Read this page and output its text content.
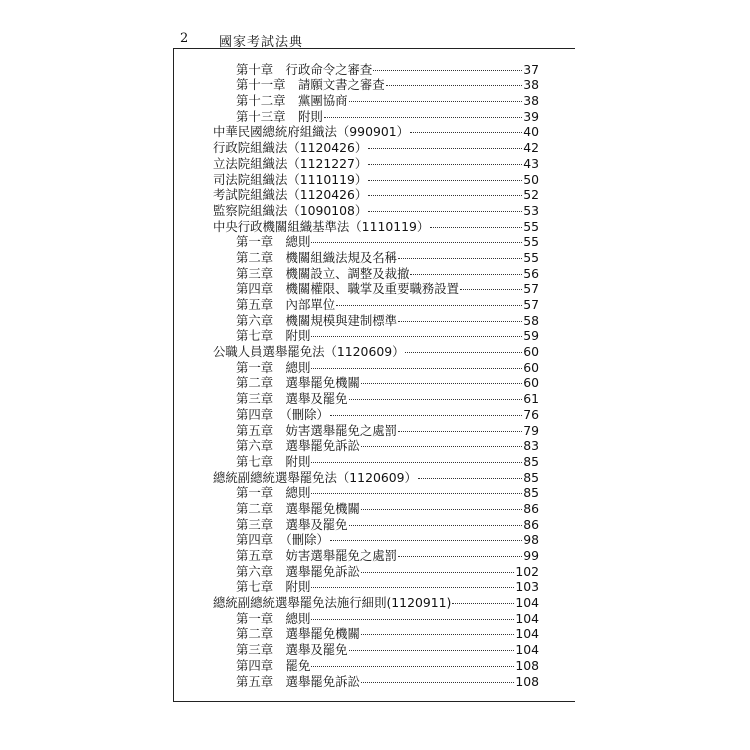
2 國家考試法典
第十章　行政命令之審查	37
第十一章　請願文書之審查	38
第十二章　黨團協商	38
第十三章　附則	39
中華民國總統府組織法（990901）	40
行政院組織法（1120426）	42
立法院組織法（1121227）	43
司法院組織法（1110119）	50
考試院組織法（1120426）	52
監察院組織法（1090108）	53
中央行政機關組織基準法（1110119）	55
第一章　總則	55
第二章　機關組織法規及名稱	55
第三章　機關設立、調整及裁撤	56
第四章　機關權限、職掌及重要職務設置	57
第五章　內部單位	57
第六章　機關規模與建制標準	58
第七章　附則	59
公職人員選舉罷免法（1120609）	60
第一章　總則	60
第二章　選舉罷免機關	60
第三章　選舉及罷免	61
第四章　（刪除）	76
第五章　妨害選舉罷免之處罰	79
第六章　選舉罷免訴訟	83
第七章　附則	85
總統副總統選舉罷免法（1120609）	85
第一章　總則	85
第二章　選舉罷免機關	86
第三章　選舉及罷免	86
第四章　（刪除）	98
第五章　妨害選舉罷免之處罰	99
第六章　選舉罷免訴訟	102
第七章　附則	103
總統副總統選舉罷免法施行細則(1120911)	104
第一章　總則	104
第二章　選舉罷免機關	104
第三章　選舉及罷免	104
第四章　罷免	108
第五章　選舉罷免訴訟	108
